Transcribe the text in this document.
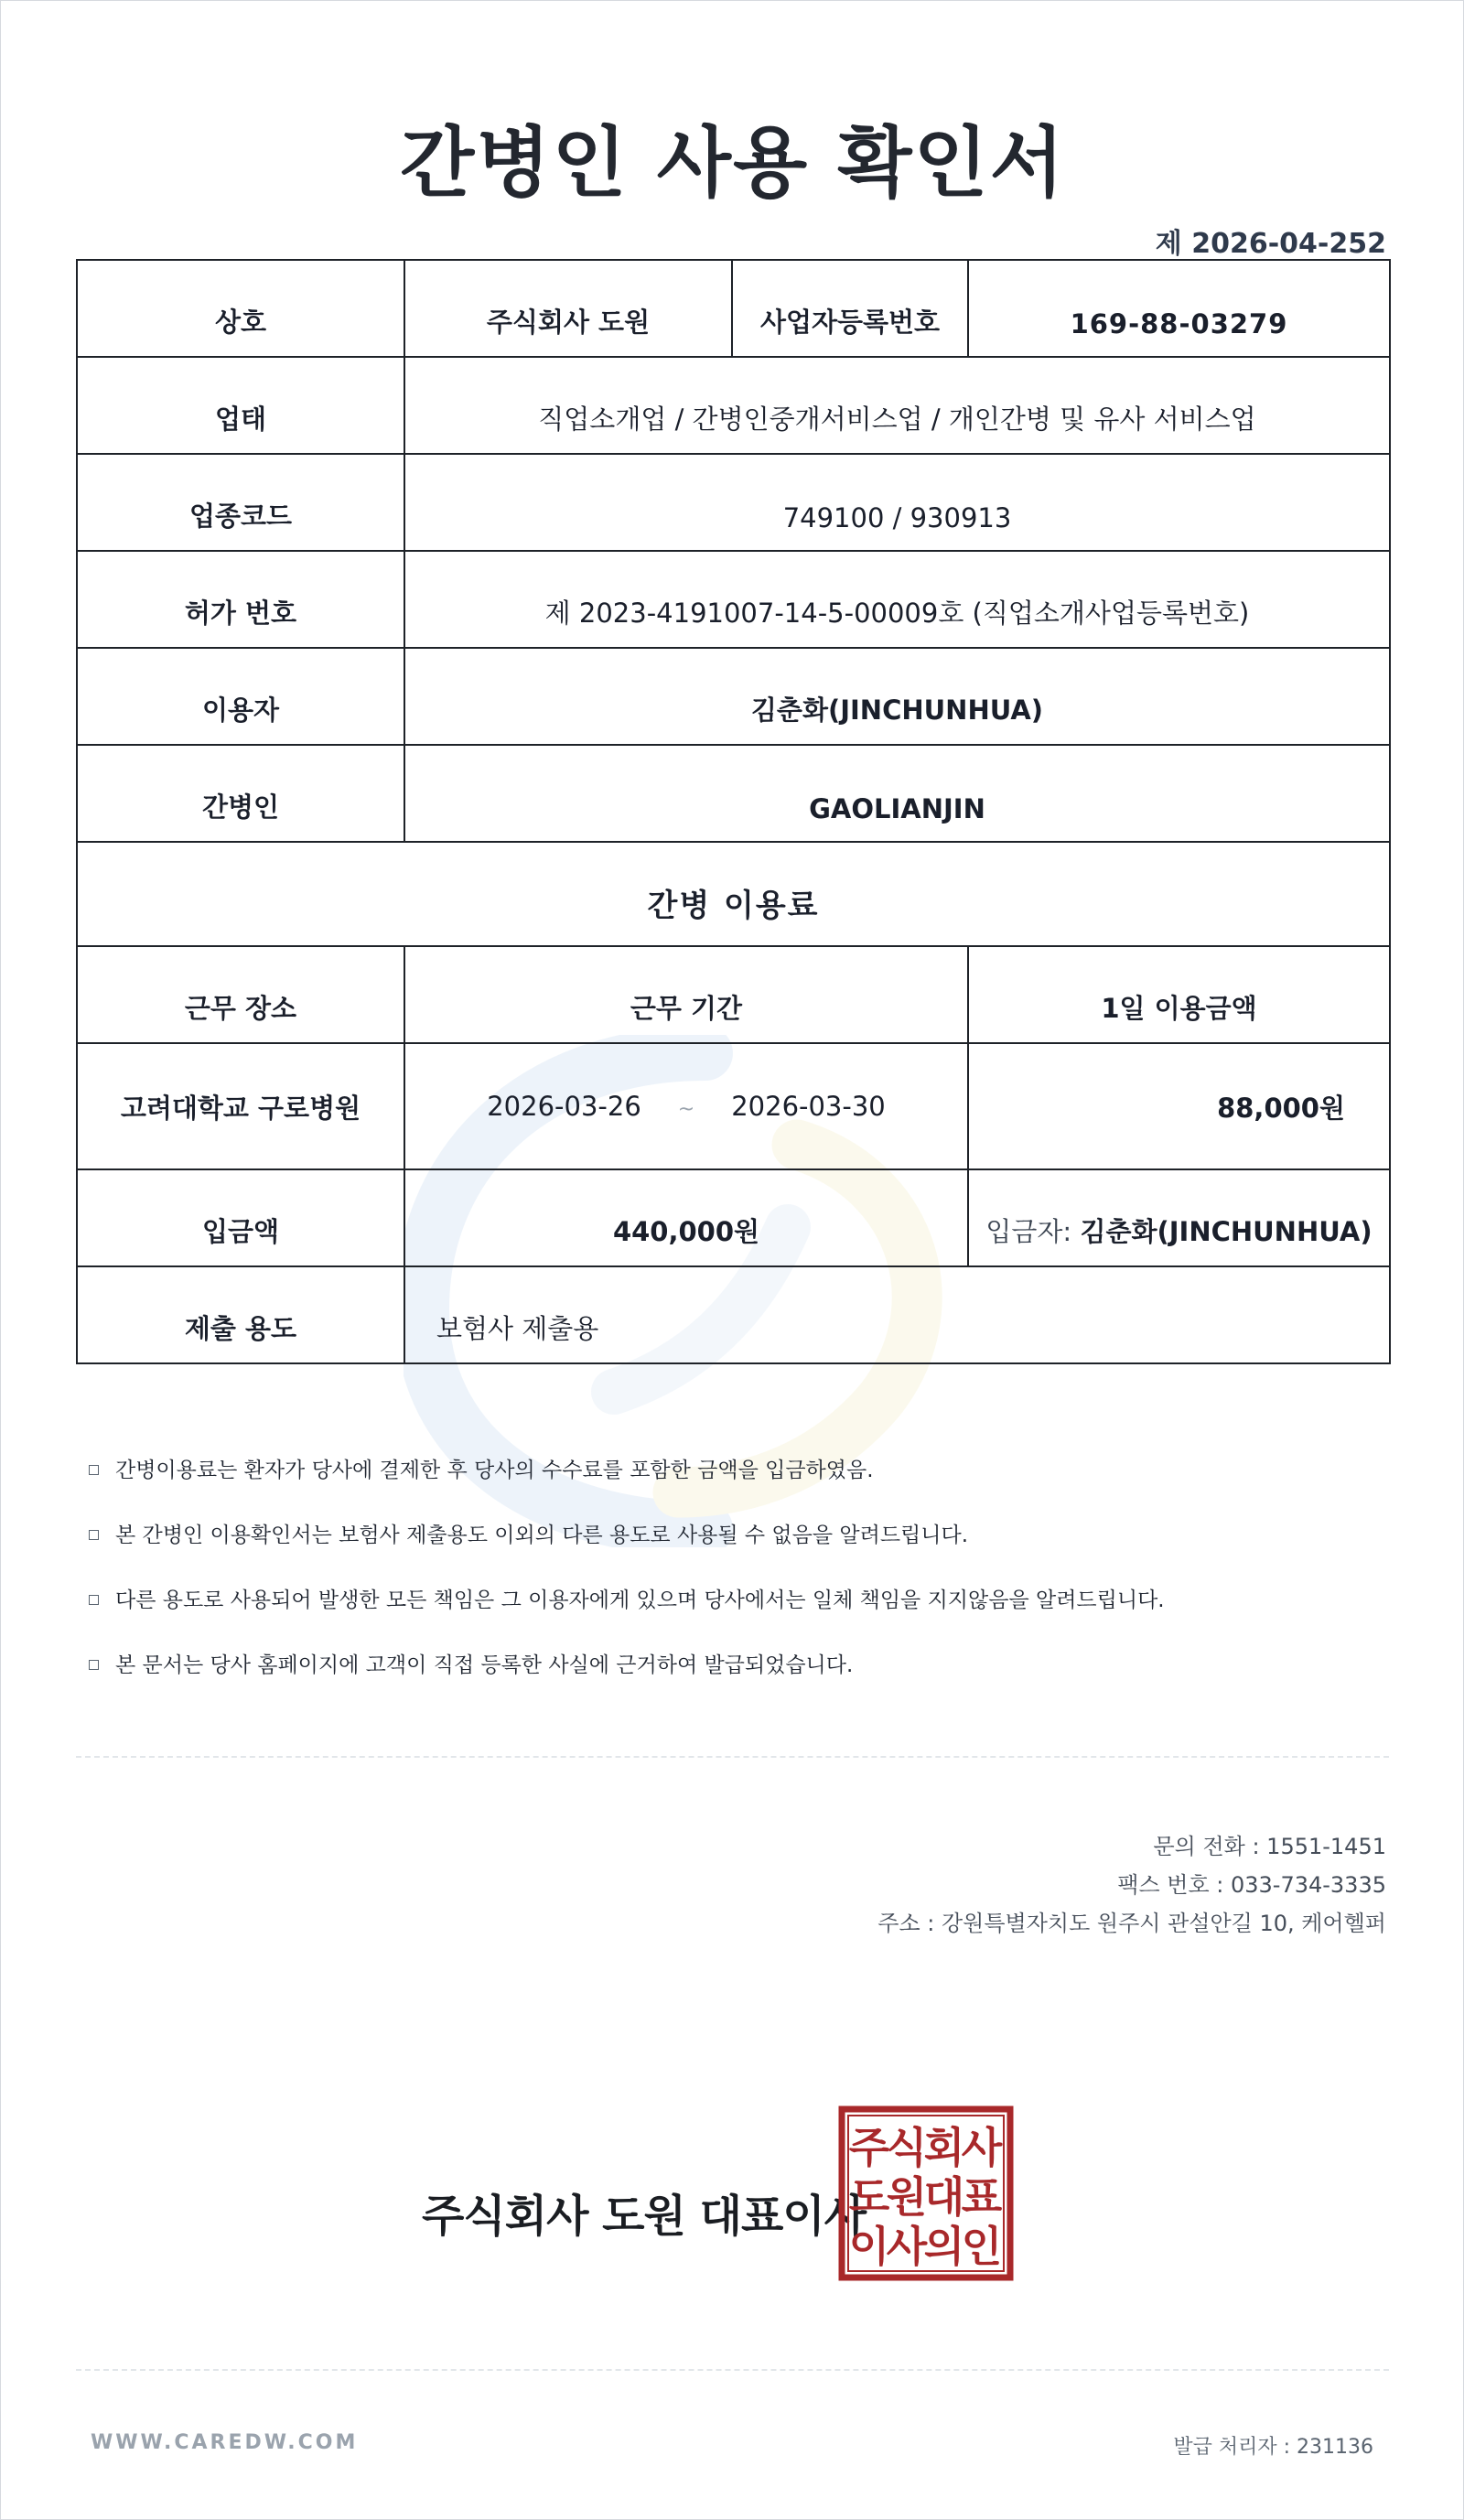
간병인 사용 확인서
제 2026-04-252
상호	주식회사 도원	사업자등록번호	169-88-03279
업태	직업소개업 / 간병인중개서비스업 / 개인간병 및 유사 서비스업		
업종코드	749100 / 930913		
허가 번호	제 2023-4191007-14-5-00009호 (직업소개사업등록번호)		
이용자	김춘화(JINCHUNHUA)		
간병인	GAOLIANJIN		
간병 이용료			
근무 장소	근무 기간		1일 이용금액
고려대학교 구로병원	2026-03-26 ~ 2026-03-30		88,000원
입금액	440,000원		입금자: 김춘화(JINCHUNHUA)
제출 용도	보험사 제출용		
간병이용료는 환자가 당사에 결제한 후 당사의 수수료를 포함한 금액을 입금하였음.
본 간병인 이용확인서는 보험사 제출용도 이외의 다른 용도로 사용될 수 없음을 알려드립니다.
다른 용도로 사용되어 발생한 모든 책임은 그 이용자에게 있으며 당사에서는 일체 책임을 지지않음을 알려드립니다.
본 문서는 당사 홈페이지에 고객이 직접 등록한 사실에 근거하여 발급되었습니다.
문의 전화 : 1551-1451
팩스 번호 : 033-734-3335
주소 : 강원특별자치도 원주시 관설안길 10, 케어헬퍼
주식회사 도원 대표이사
주
식
회
사
도
원
대
표
이
사
의
인
WWW.CAREDW.COM	발급 처리자 : 231136
